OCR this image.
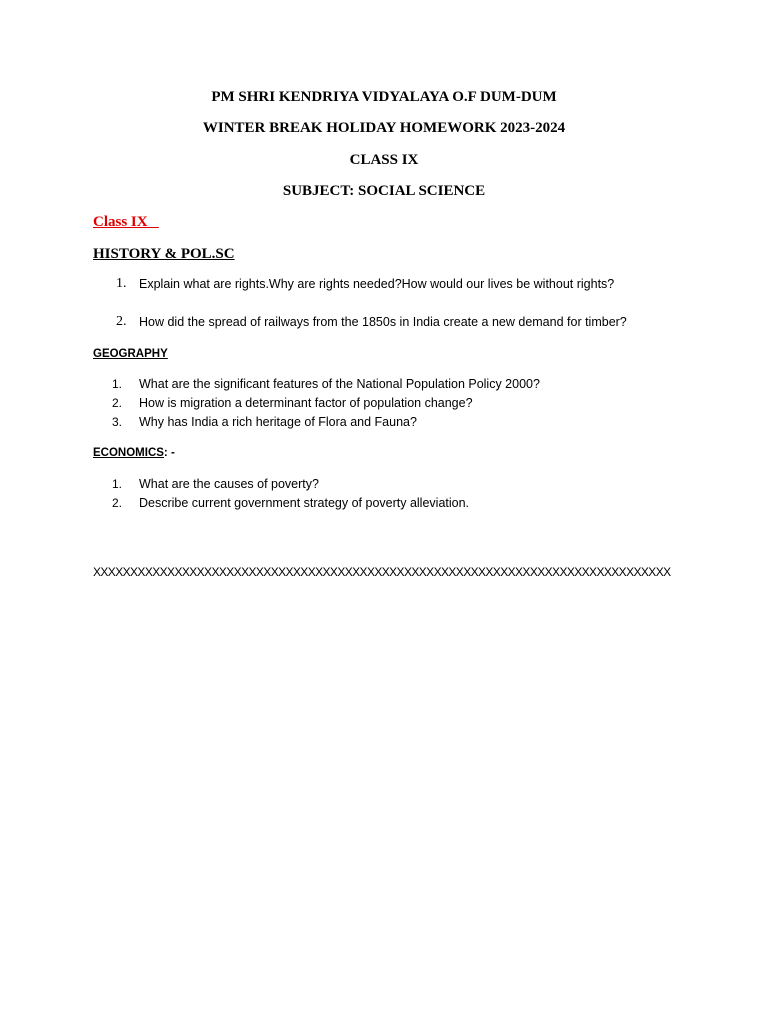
PM SHRI KENDRIYA VIDYALAYA O.F DUM-DUM
WINTER BREAK HOLIDAY HOMEWORK 2023-2024
CLASS IX
SUBJECT: SOCIAL SCIENCE
Class IX
HISTORY & POL.SC
1.	Explain what are rights.Why are rights needed?How would our lives be without rights?
2.	How did the spread of railways from the 1850s in India create a new demand for timber?
GEOGRAPHY
1.	What are the significant features of the National Population Policy 2000?
2.	How is migration a determinant factor of population change?
3.	Why has India a rich heritage of Flora and Fauna?
ECONOMICS: -
1.	What are the causes of poverty?
2.	Describe current government strategy of poverty alleviation.
XXXXXXXXXXXXXXXXXXXXXXXXXXXXXXXXXXXXXXXXXXXXXXXXXXXXXXXXXXXXXXXXXXXXXXXXXXXXXX
